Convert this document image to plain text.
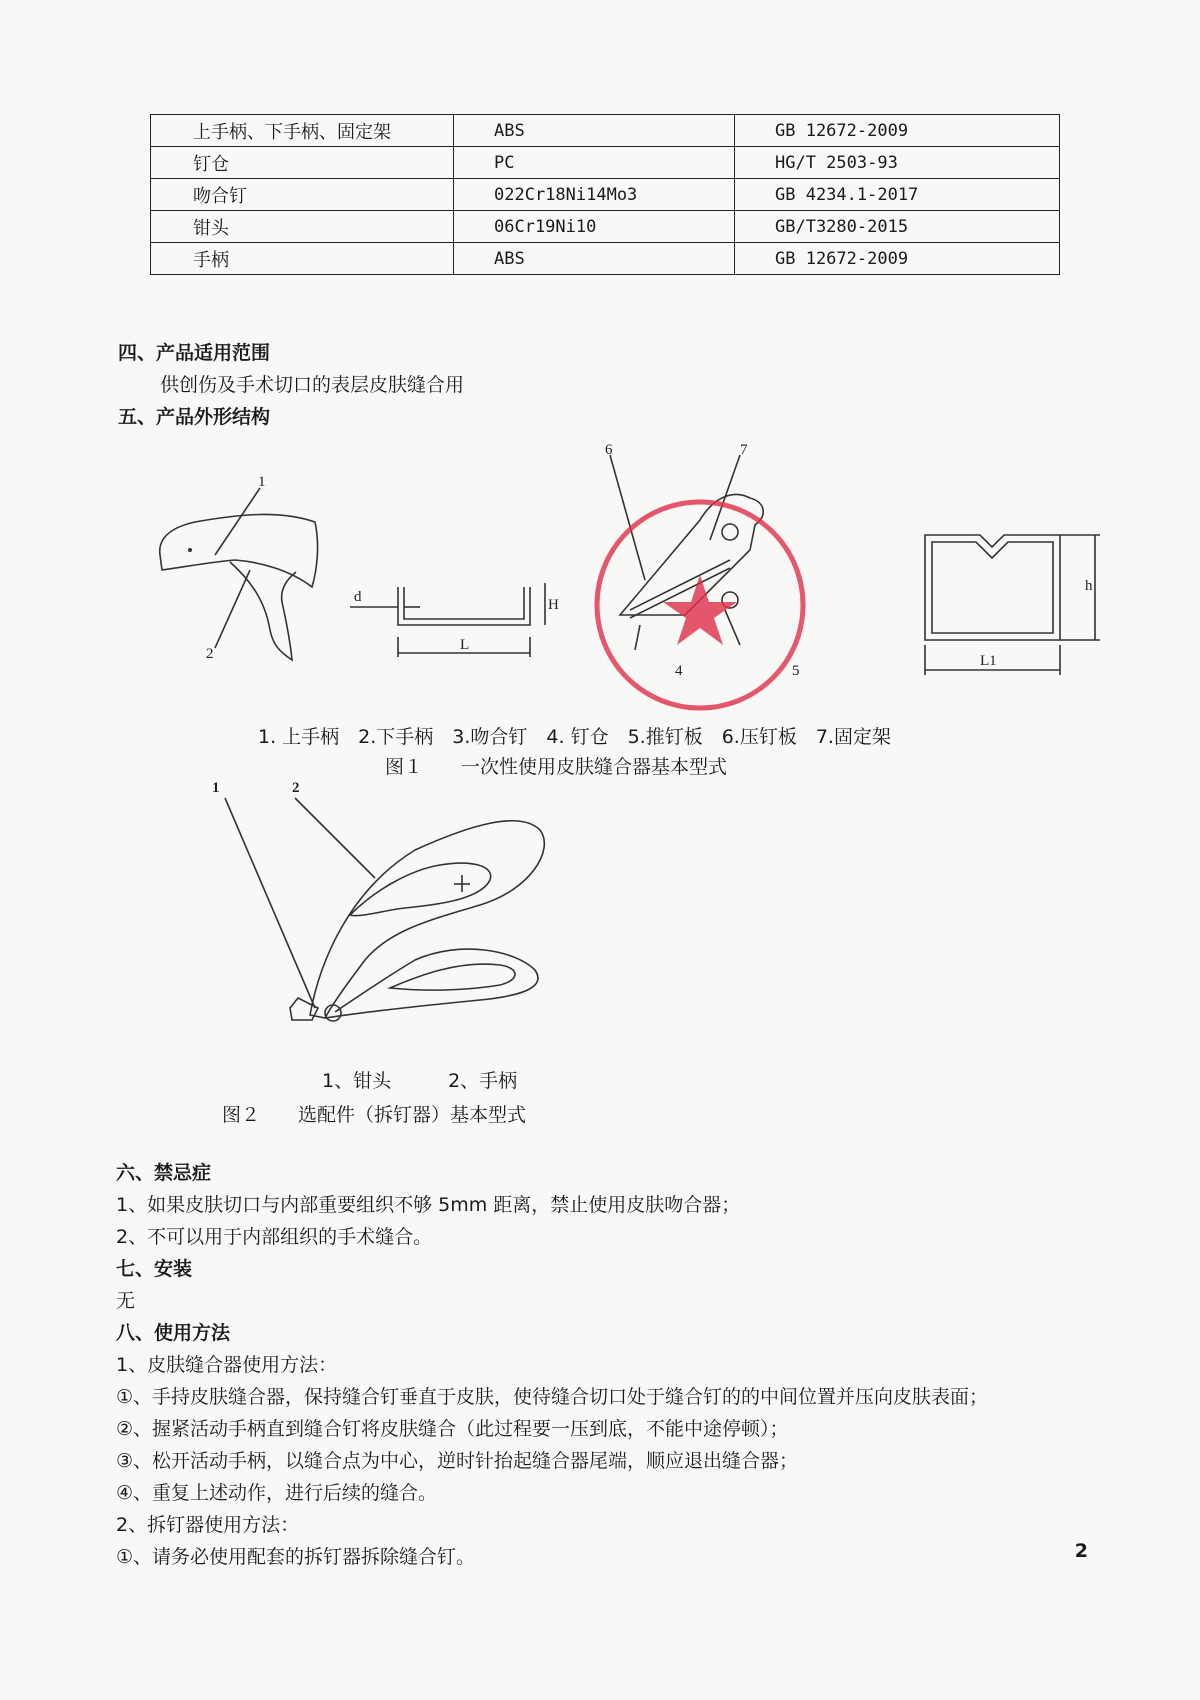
上手柄、下手柄、固定架	ABS	GB 12672-2009
钉仓	PC	HG/T 2503-93
吻合钉	022Cr18Ni14Mo3	GB 4234.1-2017
钳头	06Cr19Ni10	GB/T3280-2015
手柄	ABS	GB 12672-2009
四、产品适用范围
供创伤及手术切口的表层皮肤缝合用
五、产品外形结构
1
2
d
L
H
6	7
4	5
h
L1
1. 上手柄　2.下手柄　3.吻合钉　4. 钉仓　5.推钉板　6.压钉板　7.固定架
图１　　一次性使用皮肤缝合器基本型式
1	2
1、钳头　　　2、手柄
图２　　选配件（拆钉器）基本型式
六、禁忌症
1、如果皮肤切口与内部重要组织不够 5mm 距离，禁止使用皮肤吻合器；
2、不可以用于内部组织的手术缝合。
七、安装
无
八、使用方法
1、皮肤缝合器使用方法：
①、手持皮肤缝合器，保持缝合钉垂直于皮肤，使待缝合切口处于缝合钉的的中间位置并压向皮肤表面；
②、握紧活动手柄直到缝合钉将皮肤缝合（此过程要一压到底，不能中途停顿）；
③、松开活动手柄，以缝合点为中心，逆时针抬起缝合器尾端，顺应退出缝合器；
④、重复上述动作，进行后续的缝合。
2、拆钉器使用方法：
①、请务必使用配套的拆钉器拆除缝合钉。	2
